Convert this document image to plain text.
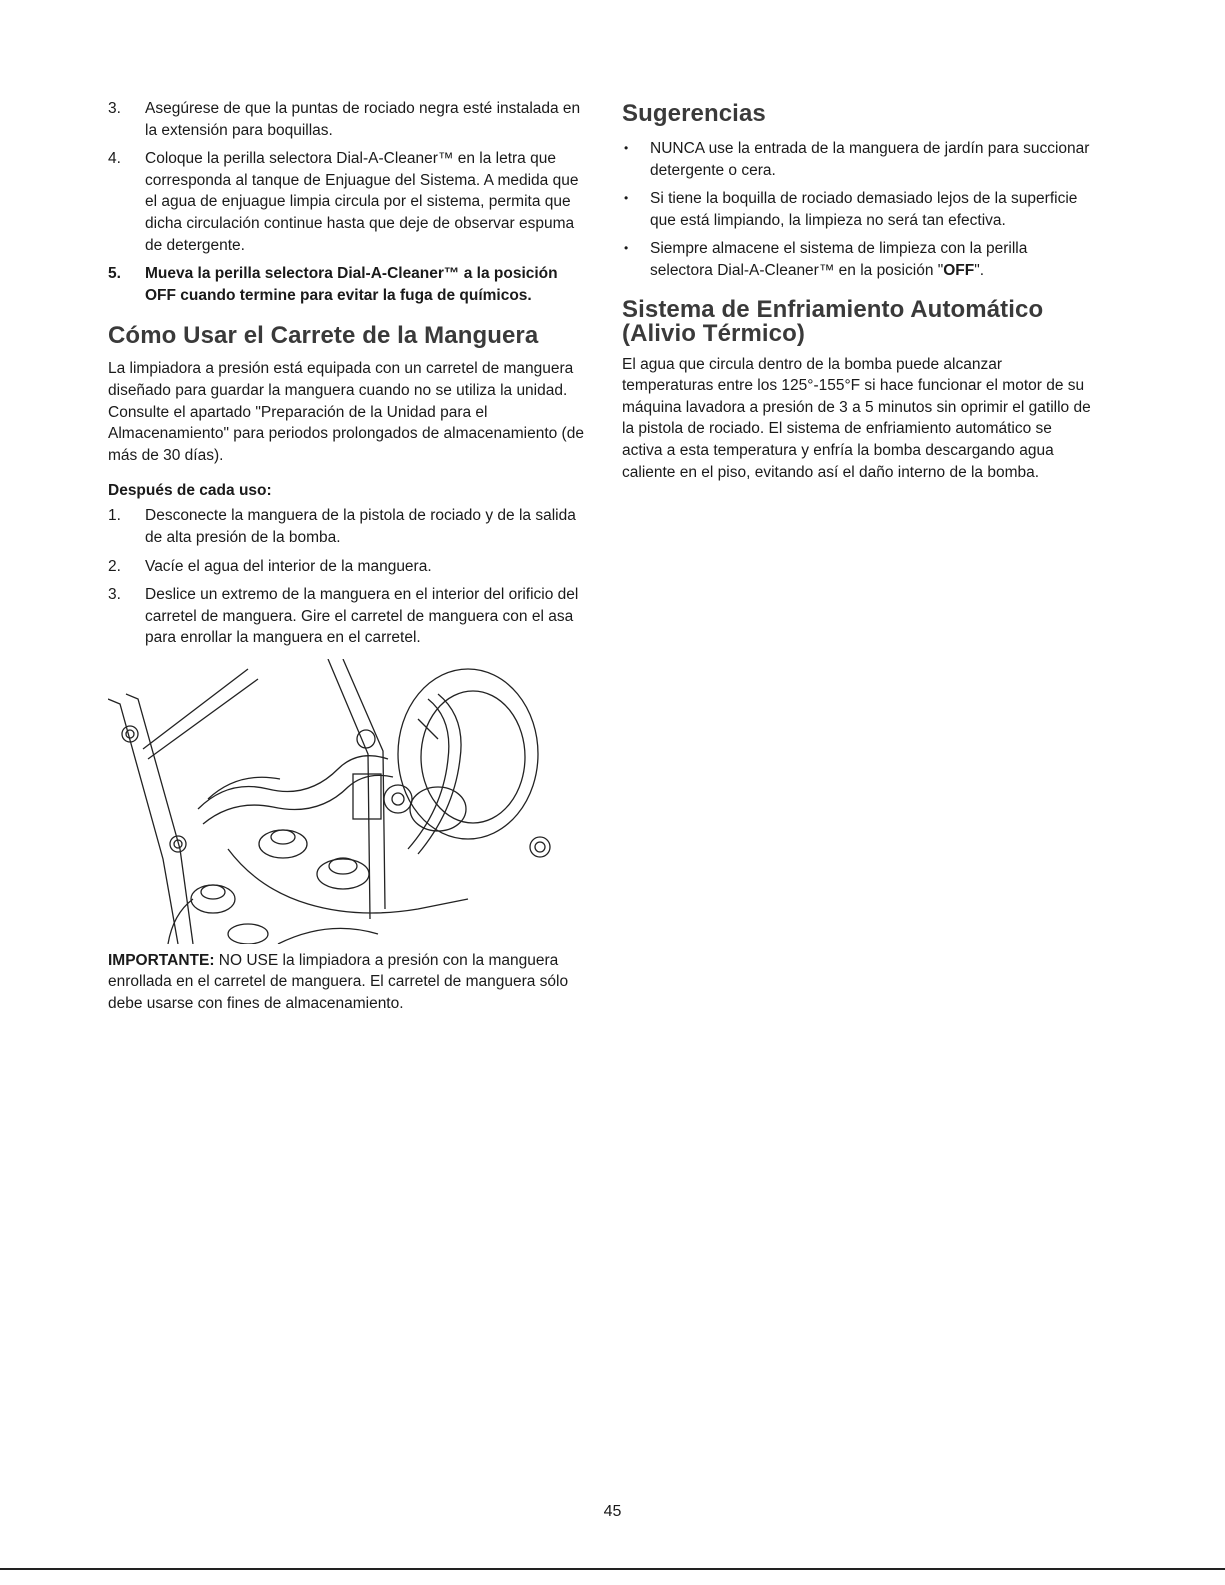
3. Asegúrese de que la puntas de rociado negra esté instalada en la extensión para boquillas.
4. Coloque la perilla selectora Dial-A-Cleaner™ en la letra que corresponda al tanque de Enjuague del Sistema. A medida que el agua de enjuague limpia circula por el sistema, permita que dicha circulación continue hasta que deje de observar espuma de detergente.
5. Mueva la perilla selectora Dial-A-Cleaner™ a la posición OFF cuando termine para evitar la fuga de químicos.
Cómo Usar el Carrete de la Manguera

La limpiadora a presión está equipada con un carretel de manguera diseñado para guardar la manguera cuando no se utiliza la unidad. Consulte el apartado "Preparación de la Unidad para el Almacenamiento" para periodos prolongados de almacenamiento (de más de 30 días).

Después de cada uso:
1. Desconecte la manguera de la pistola de rociado y de la salida de alta presión de la bomba.
2. Vacíe el agua del interior de la manguera.
3. Deslice un extremo de la manguera en el interior del orificio del carretel de manguera. Gire el carretel de manguera con el asa para enrollar la manguera en el carretel.

IMPORTANTE: NO USE la limpiadora a presión con la manguera enrollada en el carretel de manguera. El carretel de manguera sólo debe usarse con fines de almacenamiento.

Sugerencias
• NUNCA use la entrada de la manguera de jardín para succionar detergente o cera.
• Si tiene la boquilla de rociado demasiado lejos de la superficie que está limpiando, la limpieza no será tan efectiva.
• Siempre almacene el sistema de limpieza con la perilla selectora Dial-A-Cleaner™ en la posición "OFF".
Sistema de Enfriamiento Automático
(Alivio Térmico)

El agua que circula dentro de la bomba puede alcanzar temperaturas entre los 125°-155°F si hace funcionar el motor de su máquina lavadora a presión de 3 a 5 minutos sin oprimir el gatillo de la pistola de rociado. El sistema de enfriamiento automático se activa a esta temperatura y enfría la bomba descargando agua caliente en el piso, evitando así el daño interno de la bomba.

45
